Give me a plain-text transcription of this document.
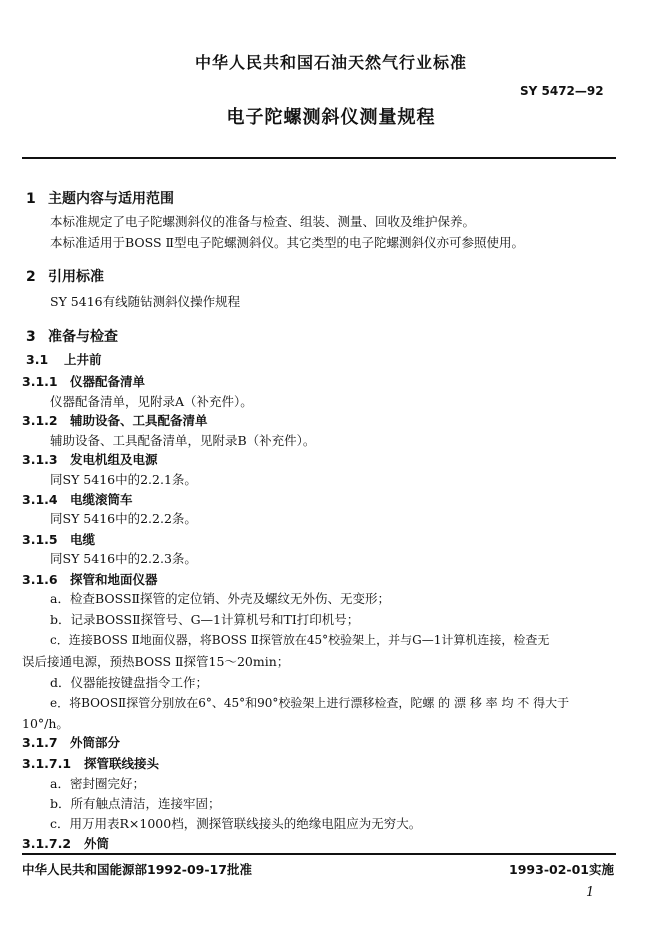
中华人民共和国石油天然气行业标准
SY 5472—92
电子陀螺测斜仪测量规程
1 主题内容与适用范围
本标准规定了电子陀螺测斜仪的准备与检查、组装、测量、回收及维护保养。
本标准适用于BOSS Ⅱ型电子陀螺测斜仪。其它类型的电子陀螺测斜仪亦可参照使用。
2 引用标准
SY 5416有线随钻测斜仪操作规程
3 准备与检查
3.1 上井前
3.1.1 仪器配备清单
仪器配备清单，见附录A（补充件）。
3.1.2 辅助设备、工具配备清单
辅助设备、工具配备清单，见附录B（补充件）。
3.1.3 发电机组及电源
同SY 5416中的2.2.1条。
3.1.4 电缆滚筒车
同SY 5416中的2.2.2条。
3.1.5 电缆
同SY 5416中的2.2.3条。
3.1.6 探管和地面仪器
a．检查BOSSⅡ探管的定位销、外壳及螺纹无外伤、无变形；
b．记录BOSSⅡ探管号、G—1计算机号和TⅠ打印机号；
c．连接BOSS Ⅱ地面仪器，将BOSS Ⅱ探管放在45°校验架上，并与G—1计算机连接，检查无
误后接通电源，预热BOSS Ⅱ探管15～20min；
d．仪器能按键盘指令工作；
e．将BOOSⅡ探管分别放在6°、45°和90°校验架上进行漂移检查，陀螺 的 漂 移 率 均 不 得大于
10°/h。
3.1.7 外筒部分
3.1.7.1 探管联线接头
a．密封圈完好；
b．所有触点清洁，连接牢固；
c．用万用表R×1000档，测探管联线接头的绝缘电阻应为无穷大。
3.1.7.2 外筒
中华人民共和国能源部1992-09-17批准	1993-02-01实施
1
